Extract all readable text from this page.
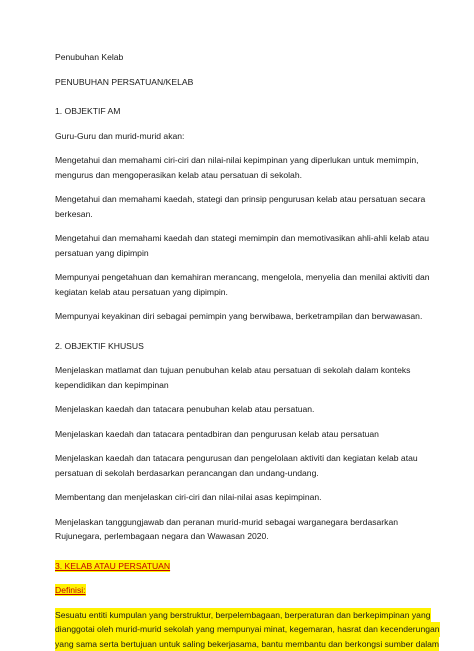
Penubuhan Kelab
PENUBUHAN PERSATUAN/KELAB
1. OBJEKTIF AM
Guru-Guru dan murid-murid akan:
Mengetahui dan memahami ciri-ciri dan nilai-nilai kepimpinan yang diperlukan untuk memimpin,
mengurus dan mengoperasikan kelab atau persatuan di sekolah.
Mengetahui dan memahami kaedah, stategi dan prinsip pengurusan kelab atau persatuan secara
berkesan.
Mengetahui dan memahami kaedah dan stategi memimpin dan memotivasikan ahli-ahli kelab atau
persatuan yang dipimpin
Mempunyai pengetahuan dan kemahiran merancang, mengelola, menyelia dan menilai aktiviti dan
kegiatan kelab atau persatuan yang dipimpin.
Mempunyai keyakinan diri sebagai pemimpin yang berwibawa, berketrampilan dan berwawasan.
2. OBJEKTIF KHUSUS
Menjelaskan matlamat dan tujuan penubuhan kelab atau persatuan di sekolah dalam konteks
kependidikan dan kepimpinan
Menjelaskan kaedah dan tatacara penubuhan kelab atau persatuan.
Menjelaskan kaedah dan tatacara pentadbiran dan pengurusan kelab atau persatuan
Menjelaskan kaedah dan tatacara pengurusan dan pengelolaan aktiviti dan kegiatan kelab atau
persatuan di sekolah berdasarkan perancangan dan undang-undang.
Membentang dan menjelaskan ciri-ciri dan nilai-nilai asas kepimpinan.
Menjelaskan tanggungjawab dan peranan murid-murid sebagai warganegara berdasarkan
Rujunegara, perlembagaan negara dan Wawasan 2020.
3. KELAB ATAU PERSATUAN
Definisi:
Sesuatu entiti kumpulan yang berstruktur, berpelembagaan, berperaturan dan berkepimpinan yang
dianggotai oleh murid-murid sekolah yang mempunyai minat, kegemaran, hasrat dan kecenderungan
yang sama serta bertujuan untuk saling bekerjasama, bantu membantu dan berkongsi sumber dalam
